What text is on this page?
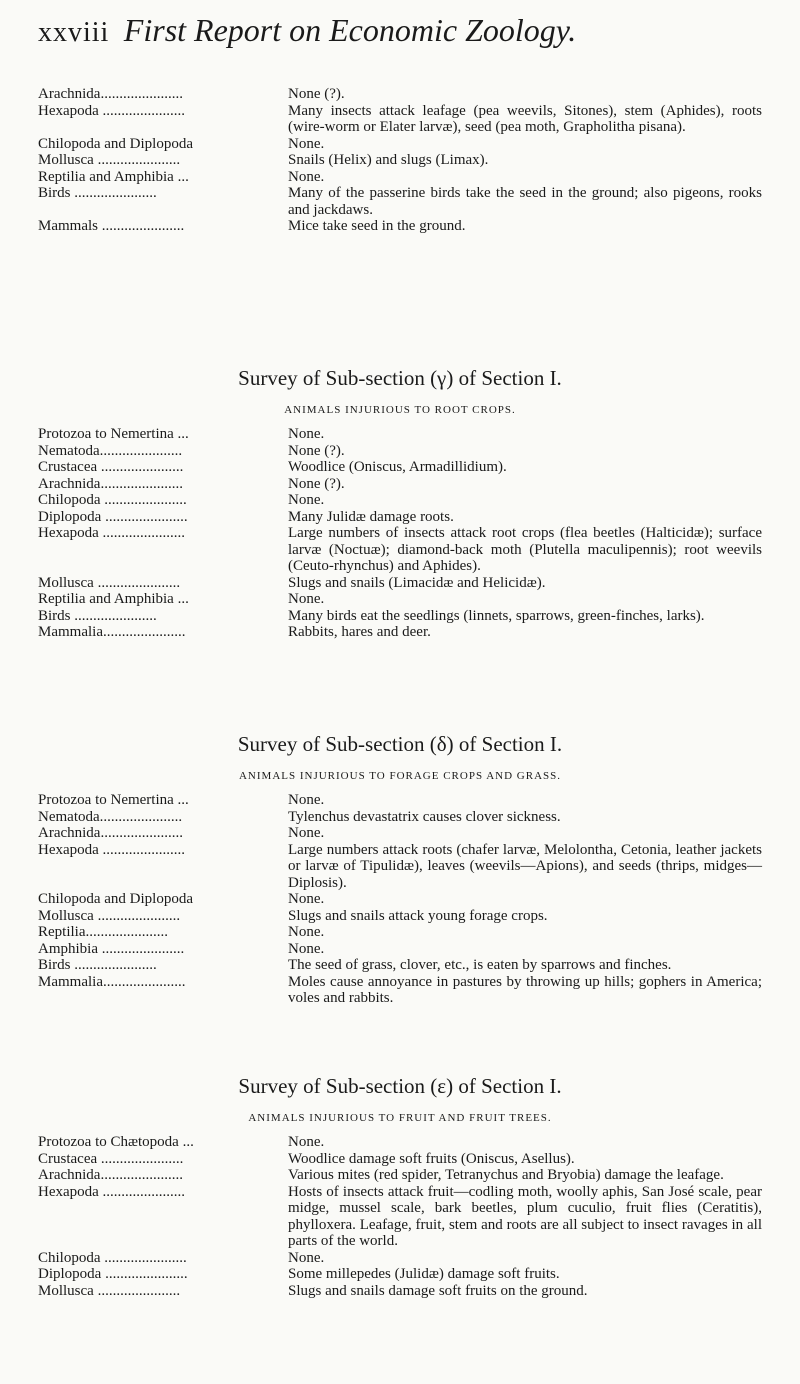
xxviii First Report on Economic Zoology.
Arachnida......................	None (?).
Hexapoda ......................	Many insects attack leafage (pea weevils, Sitones), stem (Aphides), roots (wire-worm or Elater larvæ), seed (pea moth, Grapholitha pisana).
Chilopoda and Diplopoda	None.
Mollusca ......................	Snails (Helix) and slugs (Limax).
Reptilia and Amphibia ...	None.
Birds ......................	Many of the passerine birds take the seed in the ground; also pigeons, rooks and jackdaws.
Mammals ......................	Mice take seed in the ground.
Survey of Sub-section (γ) of Section I.
ANIMALS INJURIOUS TO ROOT CROPS.
Protozoa to Nemertina ...	None.
Nematoda......................	None (?).
Crustacea ......................	Woodlice (Oniscus, Armadillidium).
Arachnida......................	None (?).
Chilopoda ......................	None.
Diplopoda ......................	Many Julidæ damage roots.
Hexapoda ......................	Large numbers of insects attack root crops (flea beetles (Halticidæ); surface larvæ (Noctuæ); diamond-back moth (Plutella maculipennis); root weevils (Ceuto-rhynchus) and Aphides).
Mollusca ......................	Slugs and snails (Limacidæ and Helicidæ).
Reptilia and Amphibia ...	None.
Birds ......................	Many birds eat the seedlings (linnets, sparrows, green-finches, larks).
Mammalia......................	Rabbits, hares and deer.
Survey of Sub-section (δ) of Section I.
ANIMALS INJURIOUS TO FORAGE CROPS AND GRASS.
Protozoa to Nemertina ...	None.
Nematoda......................	Tylenchus devastatrix causes clover sickness.
Arachnida......................	None.
Hexapoda ......................	Large numbers attack roots (chafer larvæ, Melolontha, Cetonia, leather jackets or larvæ of Tipulidæ), leaves (weevils—Apions), and seeds (thrips, midges—Diplosis).
Chilopoda and Diplopoda	None.
Mollusca ......................	Slugs and snails attack young forage crops.
Reptilia......................	None.
Amphibia ......................	None.
Birds ......................	The seed of grass, clover, etc., is eaten by sparrows and finches.
Mammalia......................	Moles cause annoyance in pastures by throwing up hills; gophers in America; voles and rabbits.
Survey of Sub-section (ε) of Section I.
ANIMALS INJURIOUS TO FRUIT AND FRUIT TREES.
Protozoa to Chætopoda ...	None.
Crustacea ......................	Woodlice damage soft fruits (Oniscus, Asellus).
Arachnida......................	Various mites (red spider, Tetranychus and Bryobia) damage the leafage.
Hexapoda ......................	Hosts of insects attack fruit—codling moth, woolly aphis, San José scale, pear midge, mussel scale, bark beetles, plum cuculio, fruit flies (Ceratitis), phylloxera. Leafage, fruit, stem and roots are all subject to insect ravages in all parts of the world.
Chilopoda ......................	None.
Diplopoda ......................	Some millepedes (Julidæ) damage soft fruits.
Mollusca ......................	Slugs and snails damage soft fruits on the ground.
